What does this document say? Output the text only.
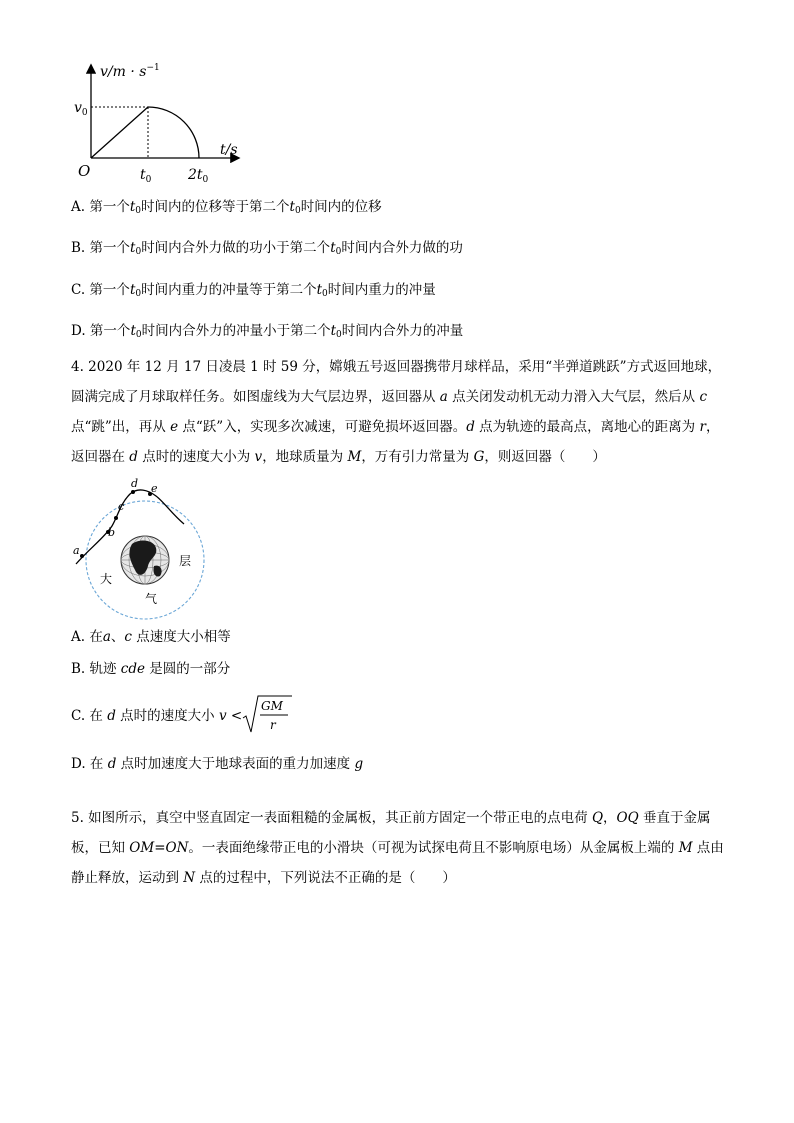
$v/m \cdot s^{-1}$
t/s
O
$v_0$
$t_0$	$2t_0$
A. 第一个$t_0$时间内的位移等于第二个$t_0$时间内的位移
B. 第一个$t_0$时间内合外力做的功小于第二个$t_0$时间内合外力做的功
C. 第一个$t_0$时间内重力的冲量等于第二个$t_0$时间内重力的冲量
D. 第一个$t_0$时间内合外力的冲量小于第二个$t_0$时间内合外力的冲量
4. 2020 年 12 月 17 日凌晨 1 时 59 分，嫦娥五号返回器携带月球样品，采用“半弹道跳跃”方式返回地球，圆满完成了月球取样任务。如图虚线为大气层边界，返回器从 a 点关闭发动机无动力滑入大气层，然后从 c 点“跳”出，再从 e 点“跃”入，实现多次减速，可避免损坏返回器。d 点为轨迹的最高点，离地心的距离为 r，返回器在 d 点时的速度大小为 v，地球质量为 M，万有引力常量为 G，则返回器（　　）
a
b
c
d e
大
气
层
A. 在a、c 点速度大小相等
B. 轨迹 cde 是圆的一部分
C. 在 d 点时的速度大小 v <
GM
r
D. 在 d 点时加速度大于地球表面的重力加速度 g
5. 如图所示，真空中竖直固定一表面粗糙的金属板，其正前方固定一个带正电的点电荷 Q，OQ 垂直于金属板，已知 OM=ON。一表面绝缘带正电的小滑块（可视为试探电荷且不影响原电场）从金属板上端的 M 点由静止释放，运动到 N 点的过程中，下列说法不正确的是（　　）
